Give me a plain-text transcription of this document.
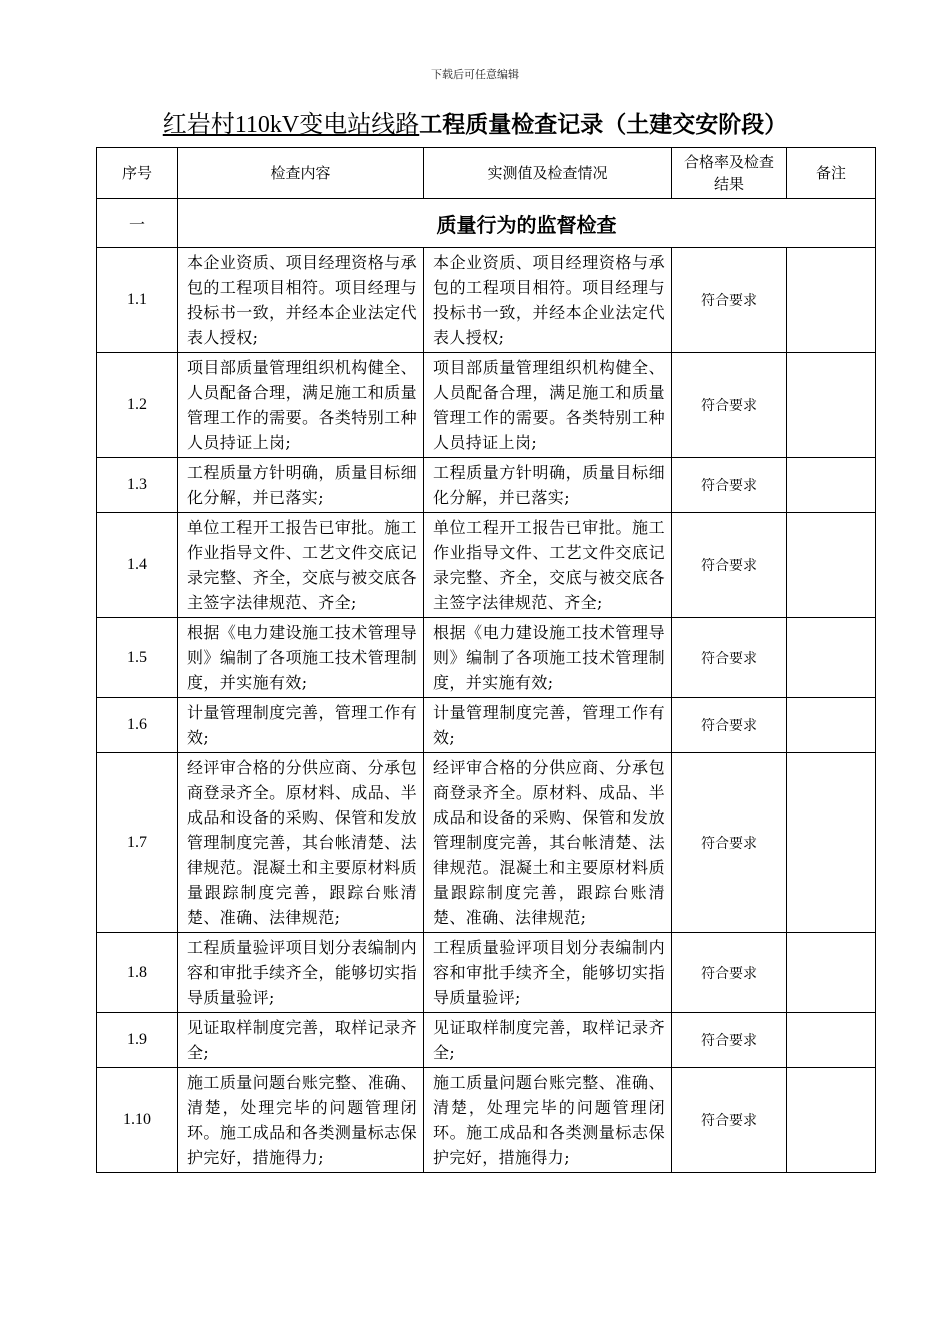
下载后可任意编辑
红岩村110kV变电站线路工程质量检查记录（土建交安阶段）
序号	检查内容	实测值及检查情况	合格率及检查结果	备注
一	质量行为的监督检查			
1.1	本企业资质、项目经理资格与承包的工程项目相符。项目经理与投标书一致，并经本企业法定代表人授权;	本企业资质、项目经理资格与承包的工程项目相符。项目经理与投标书一致，并经本企业法定代表人授权;	符合要求	
1.2	项目部质量管理组织机构健全、人员配备合理，满足施工和质量管理工作的需要。各类特别工种人员持证上岗;	项目部质量管理组织机构健全、人员配备合理，满足施工和质量管理工作的需要。各类特别工种人员持证上岗;	符合要求	
1.3	工程质量方针明确，质量目标细化分解，并已落实;	工程质量方针明确，质量目标细化分解，并已落实;	符合要求	
1.4	单位工程开工报告已审批。施工作业指导文件、工艺文件交底记录完整、齐全，交底与被交底各主签字法律规范、齐全;	单位工程开工报告已审批。施工作业指导文件、工艺文件交底记录完整、齐全，交底与被交底各主签字法律规范、齐全;	符合要求	
1.5	根据《电力建设施工技术管理导则》编制了各项施工技术管理制度，并实施有效;	根据《电力建设施工技术管理导则》编制了各项施工技术管理制度，并实施有效;	符合要求	
1.6	计量管理制度完善，管理工作有效;	计量管理制度完善，管理工作有效;	符合要求	
1.7	经评审合格的分供应商、分承包商登录齐全。原材料、成品、半成品和设备的采购、保管和发放管理制度完善，其台帐清楚、法律规范。混凝土和主要原材料质量跟踪制度完善，跟踪台账清楚、准确、法律规范;	经评审合格的分供应商、分承包商登录齐全。原材料、成品、半成品和设备的采购、保管和发放管理制度完善，其台帐清楚、法律规范。混凝土和主要原材料质量跟踪制度完善，跟踪台账清楚、准确、法律规范;	符合要求	
1.8	工程质量验评项目划分表编制内容和审批手续齐全，能够切实指导质量验评;	工程质量验评项目划分表编制内容和审批手续齐全，能够切实指导质量验评;	符合要求	
1.9	见证取样制度完善，取样记录齐全;	见证取样制度完善，取样记录齐全;	符合要求	
1.10	施工质量问题台账完整、准确、清楚，处理完毕的问题管理闭环。施工成品和各类测量标志保护完好，措施得力;	施工质量问题台账完整、准确、清楚，处理完毕的问题管理闭环。施工成品和各类测量标志保护完好，措施得力;	符合要求	
